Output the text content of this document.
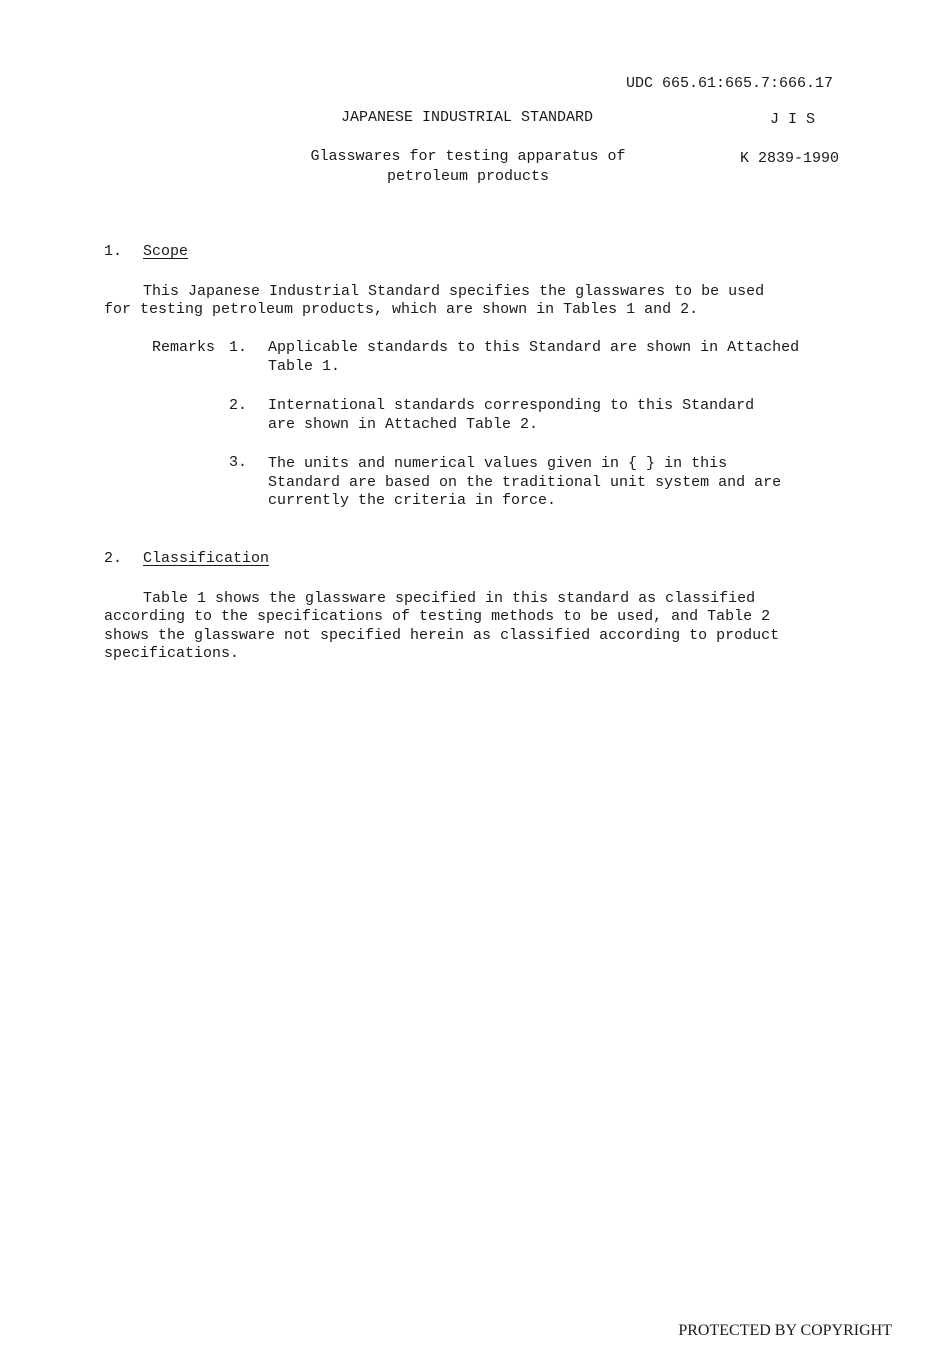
UDC 665.61:665.7:666.17
JAPANESE INDUSTRIAL STANDARD	J I S
Glasswares for testing apparatus of
petroleum products
K 2839-1990
1. Scope
This Japanese Industrial Standard specifies the glasswares to be used
for testing petroleum products, which are shown in Tables 1 and 2.
Remarks 1. Applicable standards to this Standard are shown in Attached
Table 1.
2. International standards corresponding to this Standard
are shown in Attached Table 2.
3. The units and numerical values given in { } in this
Standard are based on the traditional unit system and are
currently the criteria in force.
2. Classification
Table 1 shows the glassware specified in this standard as classified
according to the specifications of testing methods to be used, and Table 2
shows the glassware not specified herein as classified according to product
specifications.
PROTECTED BY COPYRIGHT
